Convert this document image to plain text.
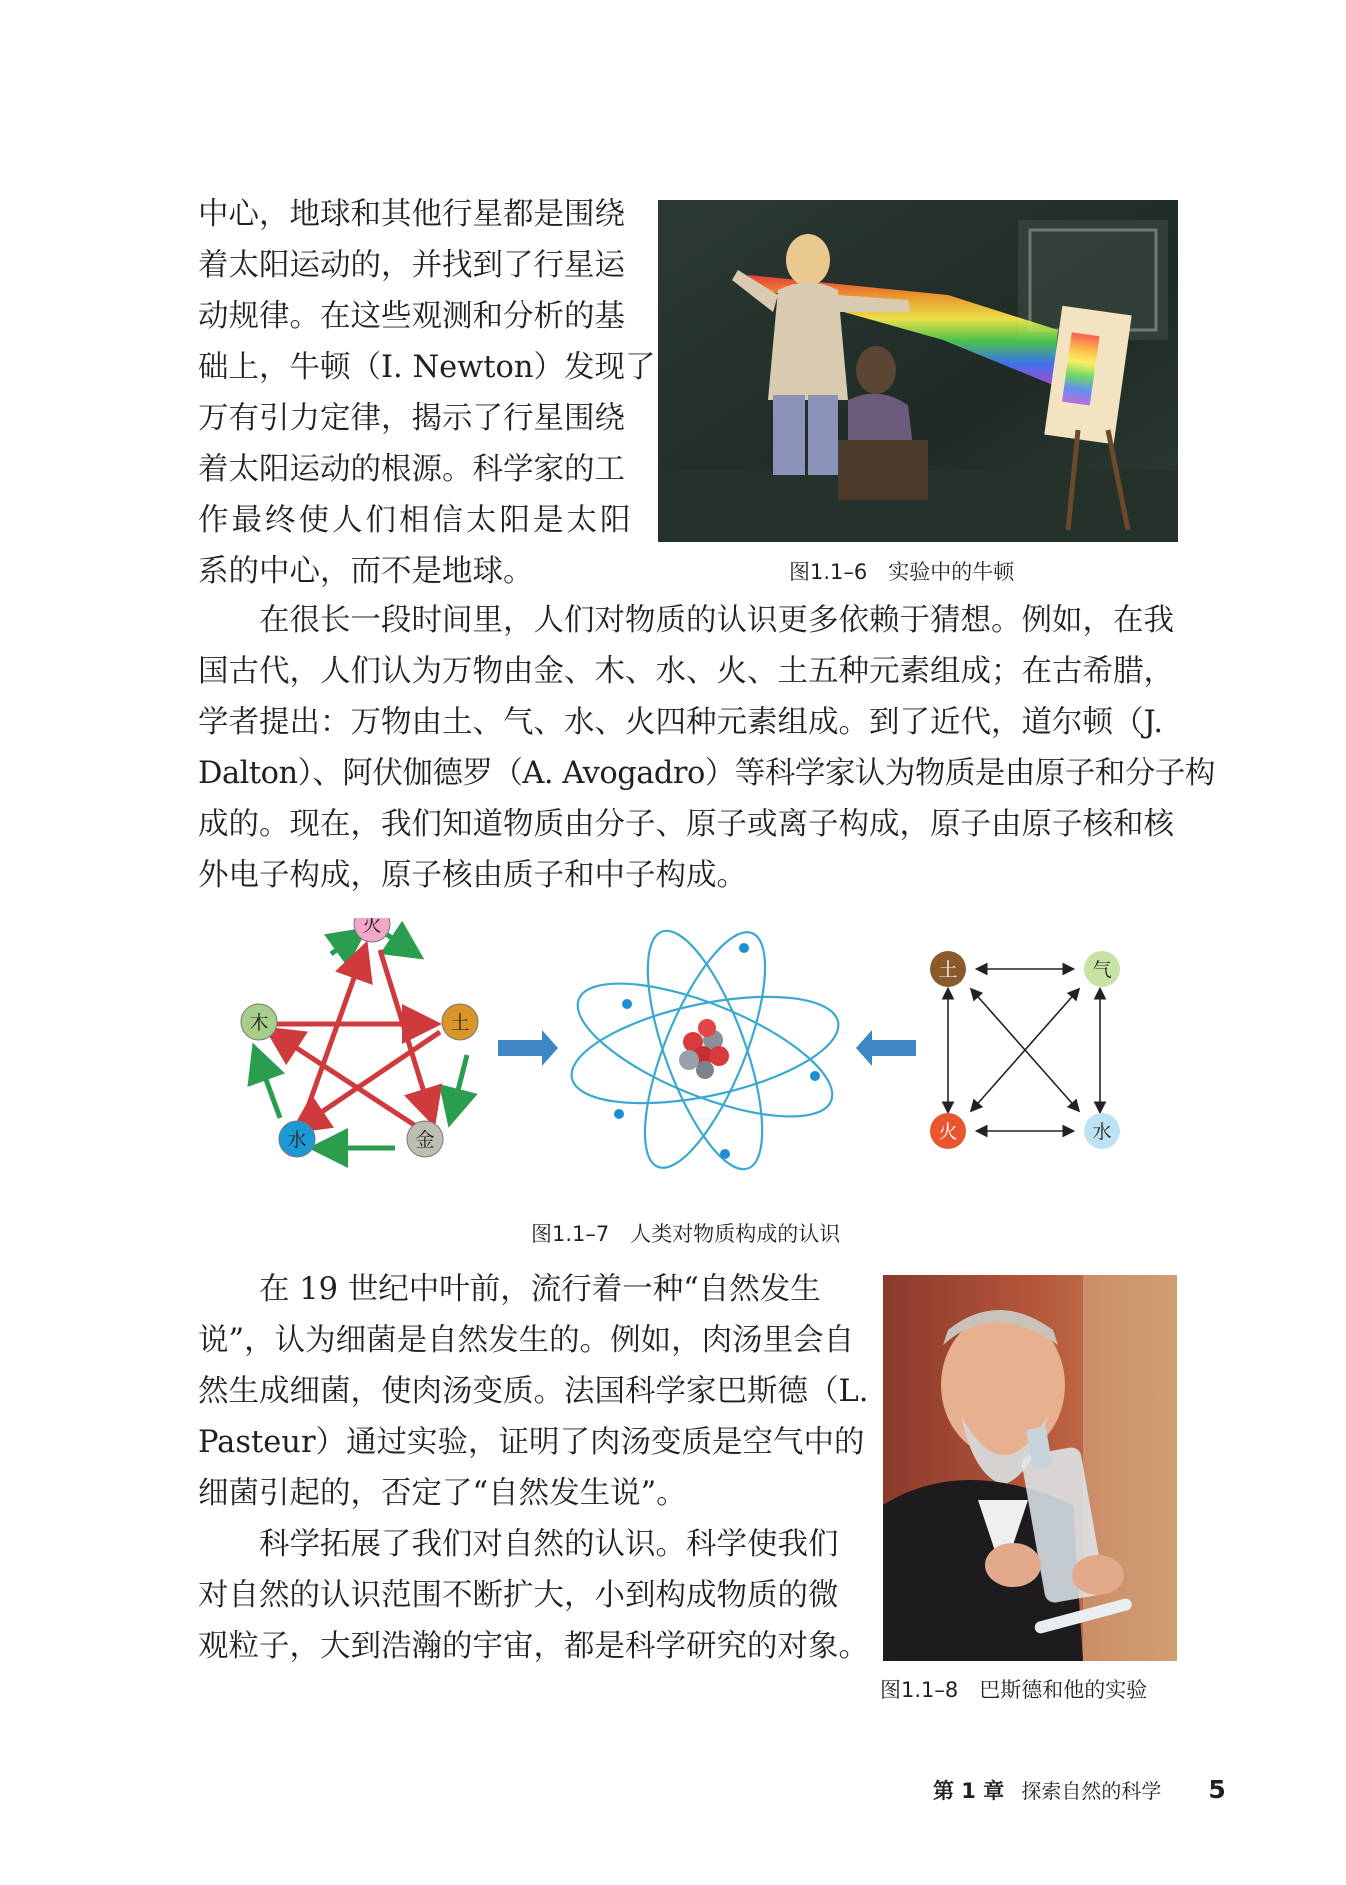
中心，地球和其他行星都是围绕
着太阳运动的，并找到了行星运
动规律。在这些观测和分析的基
础上，牛顿（I. Newton）发现了
万有引力定律，揭示了行星围绕
着太阳运动的根源。科学家的工
作最终使人们相信太阳是太阳
系的中心，而不是地球。	图1.1–6　实验中的牛顿
在很长一段时间里，人们对物质的认识更多依赖于猜想。例如，在我
国古代，人们认为万物由金、木、水、火、土五种元素组成；在古希腊，
学者提出：万物由土、气、水、火四种元素组成。到了近代，道尔顿（J.
Dalton）、阿伏伽德罗（A. Avogadro）等科学家认为物质是由原子和分子构
成的。现在，我们知道物质由分子、原子或离子构成，原子由原子核和核
外电子构成，原子核由质子和中子构成。
火
土
金
水
木
土	气
火	水
图1.1–7　人类对物质构成的认识
在 19 世纪中叶前，流行着一种“自然发生
说”，认为细菌是自然发生的。例如，肉汤里会自
然生成细菌，使肉汤变质。法国科学家巴斯德（L.
Pasteur）通过实验，证明了肉汤变质是空气中的
细菌引起的，否定了“自然发生说”。
科学拓展了我们对自然的认识。科学使我们
对自然的认识范围不断扩大，小到构成物质的微
观粒子，大到浩瀚的宇宙，都是科学研究的对象。
图1.1–8　巴斯德和他的实验
第 1 章 探索自然的科学 5
